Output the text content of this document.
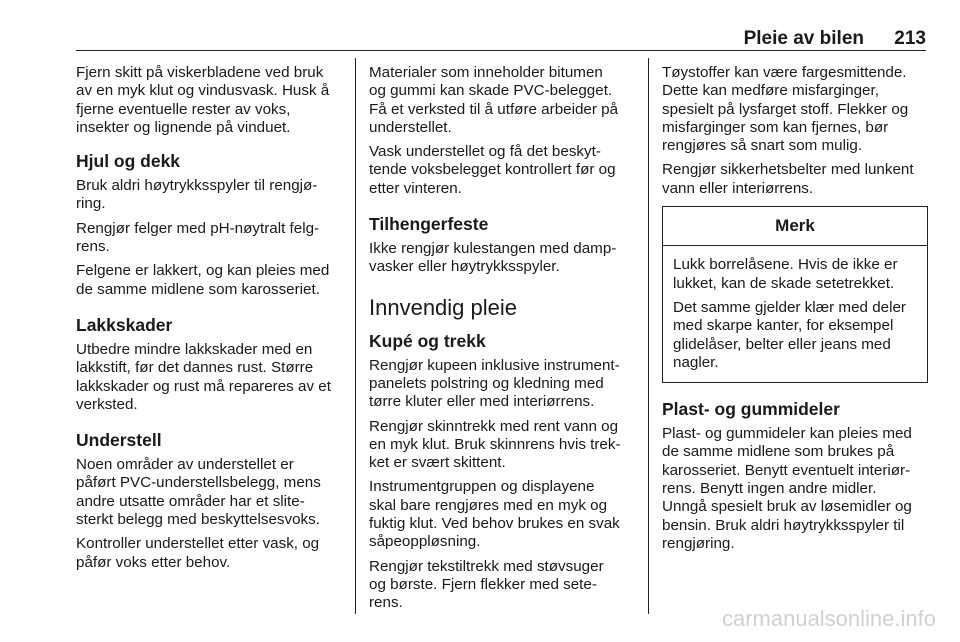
Pleie av bilen 213

Fjern skitt på viskerbladene ved bruk
av en myk klut og vindusvask. Husk å
fjerne eventuelle rester av voks,
insekter og lignende på vinduet.

Hjul og dekk

Bruk aldri høytrykksspyler til rengjø-
ring.

Rengjør felger med pH-nøytralt felg-
rens.

Felgene er lakkert, og kan pleies med
de samme midlene som karosseriet.

Lakkskader

Utbedre mindre lakkskader med en
lakkstift, før det dannes rust. Større
lakkskader og rust må repareres av et
verksted.

Understell

Noen områder av understellet er
påført PVC-understellsbelegg, mens
andre utsatte områder har et slite-
sterkt belegg med beskyttelsesvoks.

Kontroller understellet etter vask, og
påfør voks etter behov.

Materialer som inneholder bitumen
og gummi kan skade PVC-belegget.
Få et verksted til å utføre arbeider på
understellet.

Vask understellet og få det beskyt-
tende voksbelegget kontrollert før og
etter vinteren.

Tilhengerfeste

Ikke rengjør kulestangen med damp-
vasker eller høytrykksspyler.

Innvendig pleie
Kupé og trekk

Rengjør kupeen inklusive instrument-
panelets polstring og kledning med
tørre kluter eller med interiørrens.

Rengjør skinntrekk med rent vann og
en myk klut. Bruk skinnrens hvis trek-
ket er svært skittent.

Instrumentgruppen og displayene
skal bare rengjøres med en myk og
fuktig klut. Ved behov brukes en svak
såpeoppløsning.

Rengjør tekstiltrekk med støvsuger
og børste. Fjern flekker med sete-
rens.

Tøystoffer kan være fargesmittende.
Dette kan medføre misfarginger,
spesielt på lysfarget stoff. Flekker og
misfarginger som kan fjernes, bør
rengjøres så snart som mulig.

Rengjør sikkerhetsbelter med lunkent
vann eller interiørrens.

Merk

Lukk borrelåsene. Hvis de ikke er
lukket, kan de skade setetrekket.

Det samme gjelder klær med deler
med skarpe kanter, for eksempel
glidelåser, belter eller jeans med
nagler.

Plast- og gummideler

Plast- og gummideler kan pleies med
de samme midlene som brukes på
karosseriet. Benytt eventuelt interiør-
rens. Benytt ingen andre midler.
Unngå spesielt bruk av løsemidler og
bensin. Bruk aldri høytrykksspyler til
rengjøring.

carmanualsonline.info
